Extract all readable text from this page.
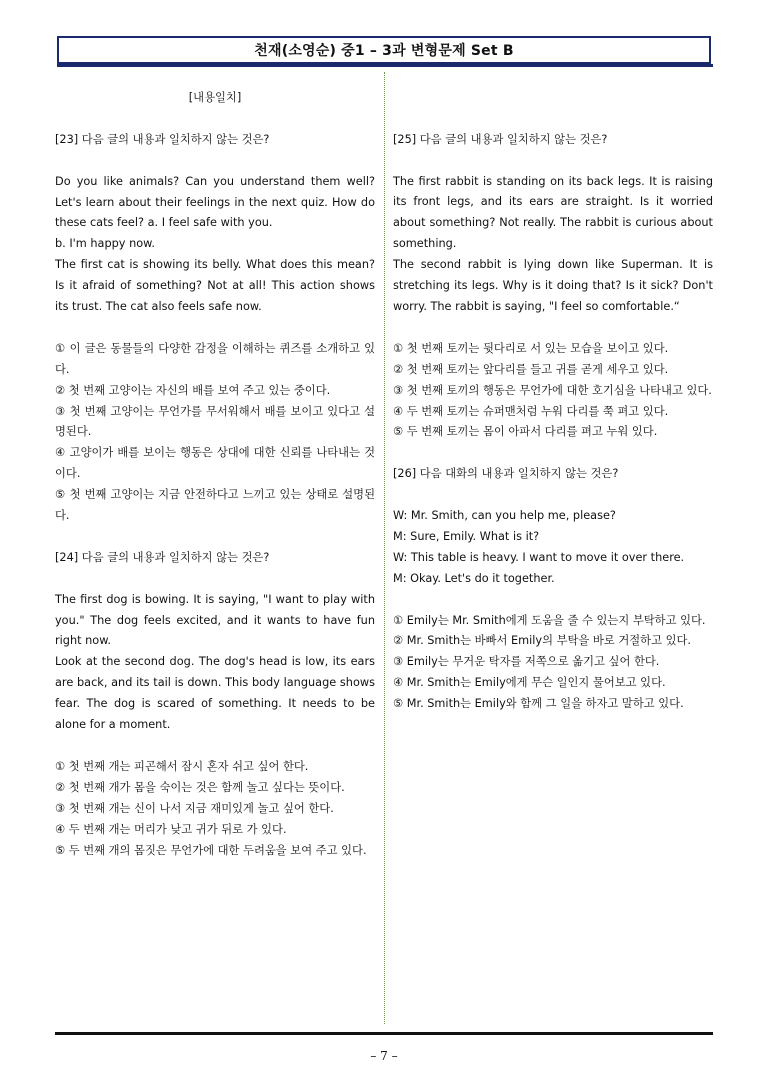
천재(소영순) 중1 – 3과 변형문제 Set B

[내용일치]

[23] 다음 글의 내용과 일치하지 않는 것은?

Do you like animals? Can you understand them well? Let's learn about their feelings in the next quiz. How do these cats feel? a. I feel safe with you.

b. I'm happy now.

The first cat is showing its belly. What does this mean? Is it afraid of something? Not at all! This action shows its trust. The cat also feels safe now.

① 이 글은 동물들의 다양한 감정을 이해하는 퀴즈를 소개하고 있다.

② 첫 번째 고양이는 자신의 배를 보여 주고 있는 중이다.

③ 첫 번째 고양이는 무언가를 무서워해서 배를 보이고 있다고 설명된다.

④ 고양이가 배를 보이는 행동은 상대에 대한 신뢰를 나타내는 것이다.

⑤ 첫 번째 고양이는 지금 안전하다고 느끼고 있는 상태로 설명된다.

[24] 다음 글의 내용과 일치하지 않는 것은?

The first dog is bowing. It is saying, "I want to play with you." The dog feels excited, and it wants to have fun right now.

Look at the second dog. The dog's head is low, its ears are back, and its tail is down. This body language shows fear. The dog is scared of something. It needs to be alone for a moment.

① 첫 번째 개는 피곤해서 잠시 혼자 쉬고 싶어 한다.

② 첫 번째 개가 몸을 숙이는 것은 함께 놀고 싶다는 뜻이다.

③ 첫 번째 개는 신이 나서 지금 재미있게 놀고 싶어 한다.

④ 두 번째 개는 머리가 낮고 귀가 뒤로 가 있다.

⑤ 두 번째 개의 몸짓은 무언가에 대한 두려움을 보여 주고 있다.

[25] 다음 글의 내용과 일치하지 않는 것은?

The first rabbit is standing on its back legs. It is raising its front legs, and its ears are straight. Is it worried about something? Not really. The rabbit is curious about something.

The second rabbit is lying down like Superman. It is stretching its legs. Why is it doing that? Is it sick? Don't worry. The rabbit is saying, "I feel so comfortable.“

① 첫 번째 토끼는 뒷다리로 서 있는 모습을 보이고 있다.

② 첫 번째 토끼는 앞다리를 들고 귀를 곧게 세우고 있다.

③ 첫 번째 토끼의 행동은 무언가에 대한 호기심을 나타내고 있다.

④ 두 번째 토끼는 슈퍼맨처럼 누워 다리를 쭉 펴고 있다.

⑤ 두 번째 토끼는 몸이 아파서 다리를 펴고 누워 있다.

[26] 다음 대화의 내용과 일치하지 않는 것은?

W: Mr. Smith, can you help me, please?

M: Sure, Emily. What is it?

W: This table is heavy. I want to move it over there.

M: Okay. Let's do it together.

① Emily는 Mr. Smith에게 도움을 줄 수 있는지 부탁하고 있다.

② Mr. Smith는 바빠서 Emily의 부탁을 바로 거절하고 있다.

③ Emily는 무거운 탁자를 저쪽으로 옮기고 싶어 한다.

④ Mr. Smith는 Emily에게 무슨 일인지 물어보고 있다.

⑤ Mr. Smith는 Emily와 함께 그 일을 하자고 말하고 있다.

– 7 –
